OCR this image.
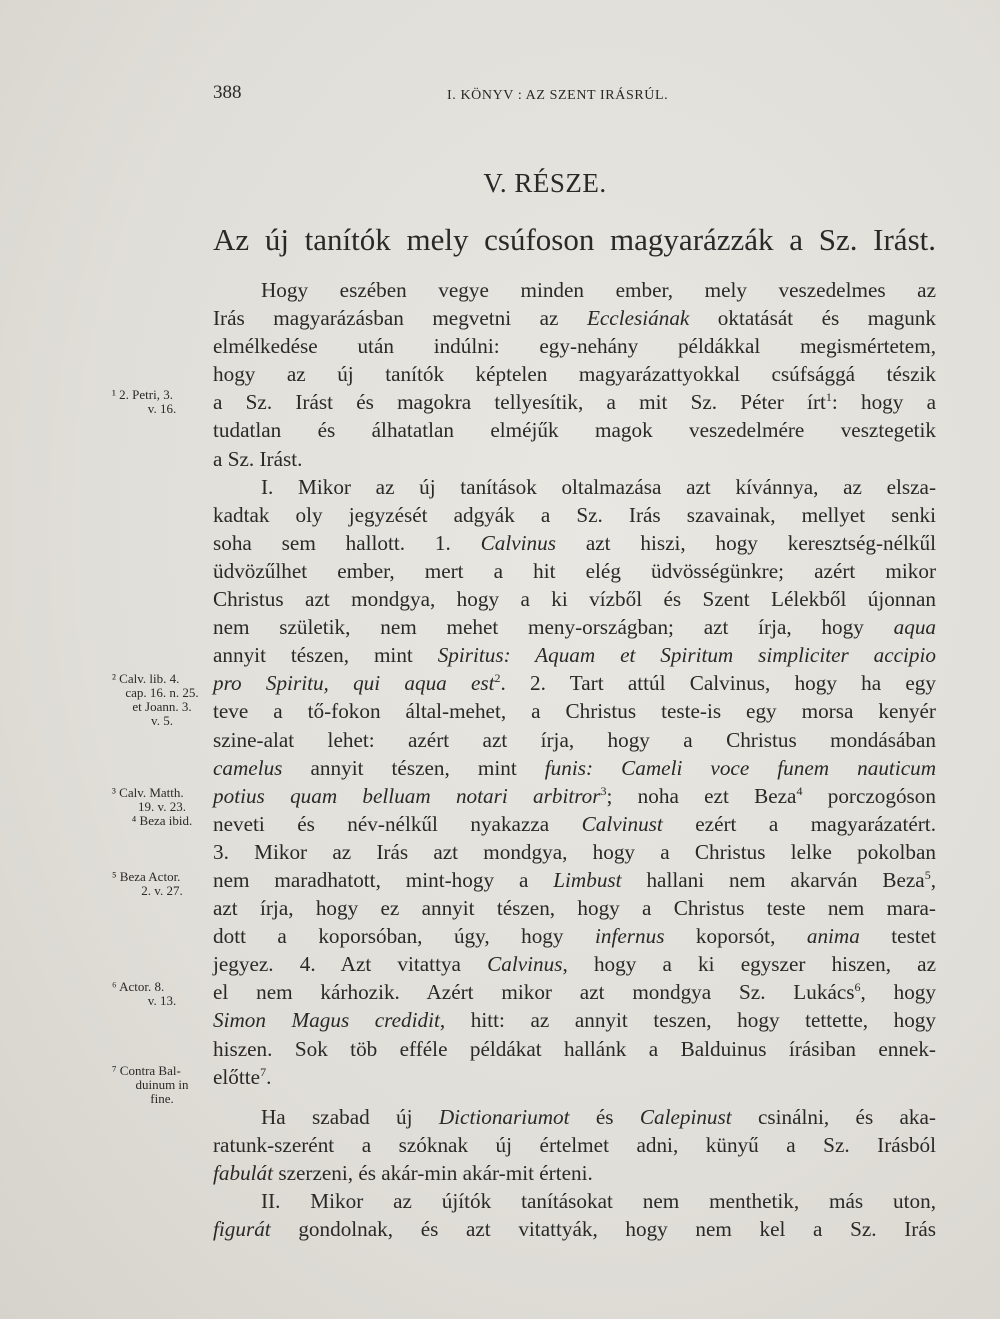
388	I. KÖNYV : AZ SZENT IRÁSRÚL.
V. RÉSZE.
Az új tanítók mely csúfoson magyarázzák a Sz. Irást.
Hogy eszében vegye minden ember, mely veszedelmes az
Irás magyarázásban megvetni az Ecclesiának oktatását és magunk
elmélkedése után indúlni: egy-nehány példákkal megismértetem,
hogy az új tanítók képtelen magyarázattyokkal csúfsággá tészik
a Sz. Irást és magokra tellyesítik, a mit Sz. Péter írt$^1$: hogy a
tudatlan és álhatatlan elméjűk magok veszedelmére vesztegetik
a Sz. Irást.
I. Mikor az új tanítások oltalmazása azt kívánnya, az elsza-
kadtak oly jegyzését adgyák a Sz. Irás szavainak, mellyet senki
soha sem hallott. 1. Calvinus azt hiszi, hogy keresztség-nélkűl
üdvözűlhet ember, mert a hit elég üdvösségünkre; azért mikor
Christus azt mondgya, hogy a ki vízből és Szent Lélekből újonnan
nem születik, nem mehet meny-országban; azt írja, hogy aqua
annyit tészen, mint Spiritus: Aquam et Spiritum simpliciter accipio
pro Spiritu, qui aqua est$^2$. 2. Tart attúl Calvinus, hogy ha egy
teve a tő-fokon által-mehet, a Christus teste-is egy morsa kenyér
szine-alat lehet: azért azt írja, hogy a Christus mondásában
camelus annyit tészen, mint funis: Cameli voce funem nauticum
potius quam belluam notari arbitror$^3$; noha ezt Beza$^4$ porczogóson
neveti és név-nélkűl nyakazza Calvinust ezért a magyarázatért.
3. Mikor az Irás azt mondgya, hogy a Christus lelke pokolban
nem maradhatott, mint-hogy a Limbust hallani nem akarván Beza$^5$,
azt írja, hogy ez annyit tészen, hogy a Christus teste nem mara-
dott a koporsóban, úgy, hogy infernus koporsót, anima testet
jegyez. 4. Azt vitattya Calvinus, hogy a ki egyszer hiszen, az
el nem kárhozik. Azért mikor azt mondgya Sz. Lukács$^6$, hogy
Simon Magus credidit, hitt: az annyit teszen, hogy tettette, hogy
hiszen. Sok töb efféle példákat hallánk a Balduinus írásiban ennek-
előtte$^7$.
Ha szabad új Dictionariumot és Calepinust csinálni, és aka-
ratunk-szerént a szóknak új értelmet adni, künyű a Sz. Irásból
fabulát szerzeni, és akár-min akár-mit érteni.
II. Mikor az újítók tanításokat nem menthetik, más uton,
figurát gondolnak, és azt vitattyák, hogy nem kel a Sz. Irás
¹ 2. Petri, 3.
v. 16.
² Calv. lib. 4.
cap. 16. n. 25.
et Joann. 3.
v. 5.
³ Calv. Matth.
19. v. 23.
⁴ Beza ibid.
⁵ Beza Actor.
2. v. 27.
⁶ Actor. 8.
v. 13.
⁷ Contra Bal-
duinum in
fine.
